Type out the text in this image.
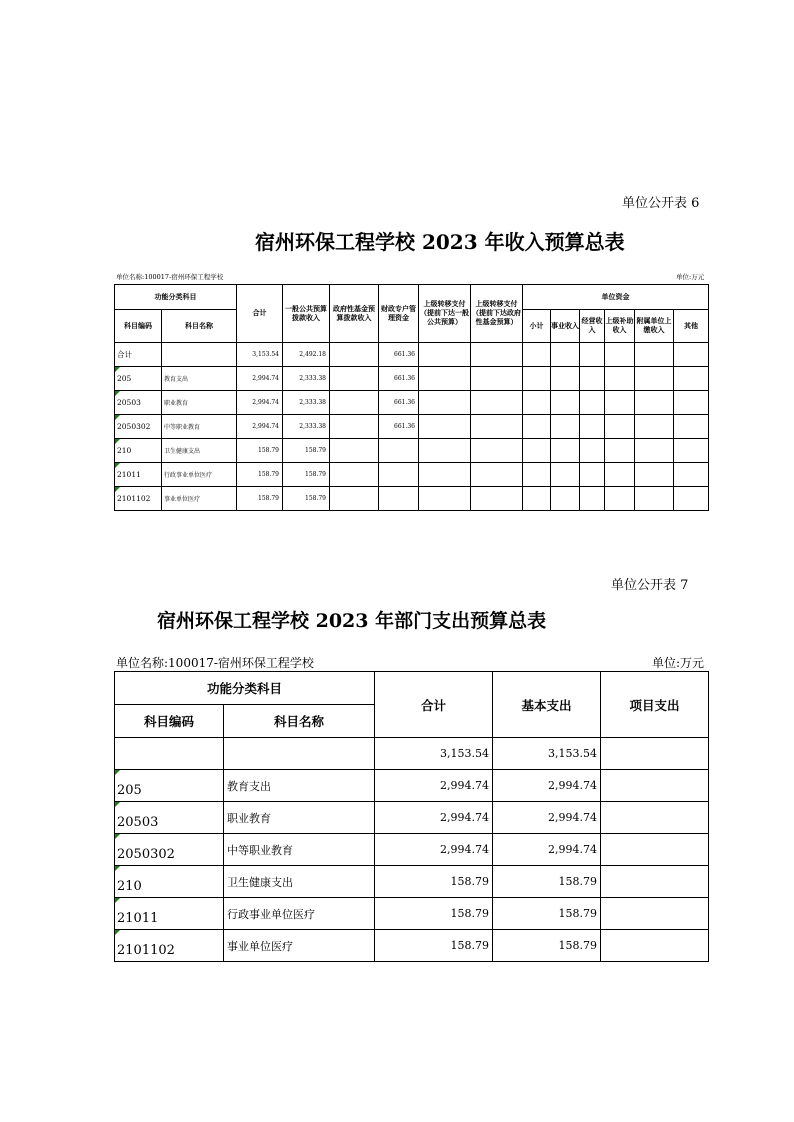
单位公开表 6
宿州环保工程学校 2023 年收入预算总表
单位名称:100017-宿州环保工程学校	单位:万元
功能分类科目		合计	一般公共预算拨款收入	政府性基金预算拨款收入	财政专户管理资金	上级转移支付（提前下达一般公共预算）	上级转移支付（提前下达政府性基金预算）	单位资金					
科目编码	科目名称							小计	事业收入	经营收入	上级补助收入	附属单位上缴收入	其他
合计		3,153.54	2,492.18		661.36								

205	教育支出	2,994.74	2,333.38		661.36								

20503	职业教育	2,994.74	2,333.38		661.36								

2050302	中等职业教育	2,994.74	2,333.38		661.36								

210	卫生健康支出	158.79	158.79										

21011	行政事业单位医疗	158.79	158.79										

2101102	事业单位医疗	158.79	158.79										
单位公开表 7
宿州环保工程学校 2023 年部门支出预算总表
单位名称:100017-宿州环保工程学校	单位:万元
功能分类科目		合计	基本支出	项目支出
科目编码	科目名称			
		3,153.54	3,153.54	

205	教育支出	2,994.74	2,994.74	

20503	职业教育	2,994.74	2,994.74	

2050302	中等职业教育	2,994.74	2,994.74	

210	卫生健康支出	158.79	158.79	

21011	行政事业单位医疗	158.79	158.79	

2101102	事业单位医疗	158.79	158.79	
